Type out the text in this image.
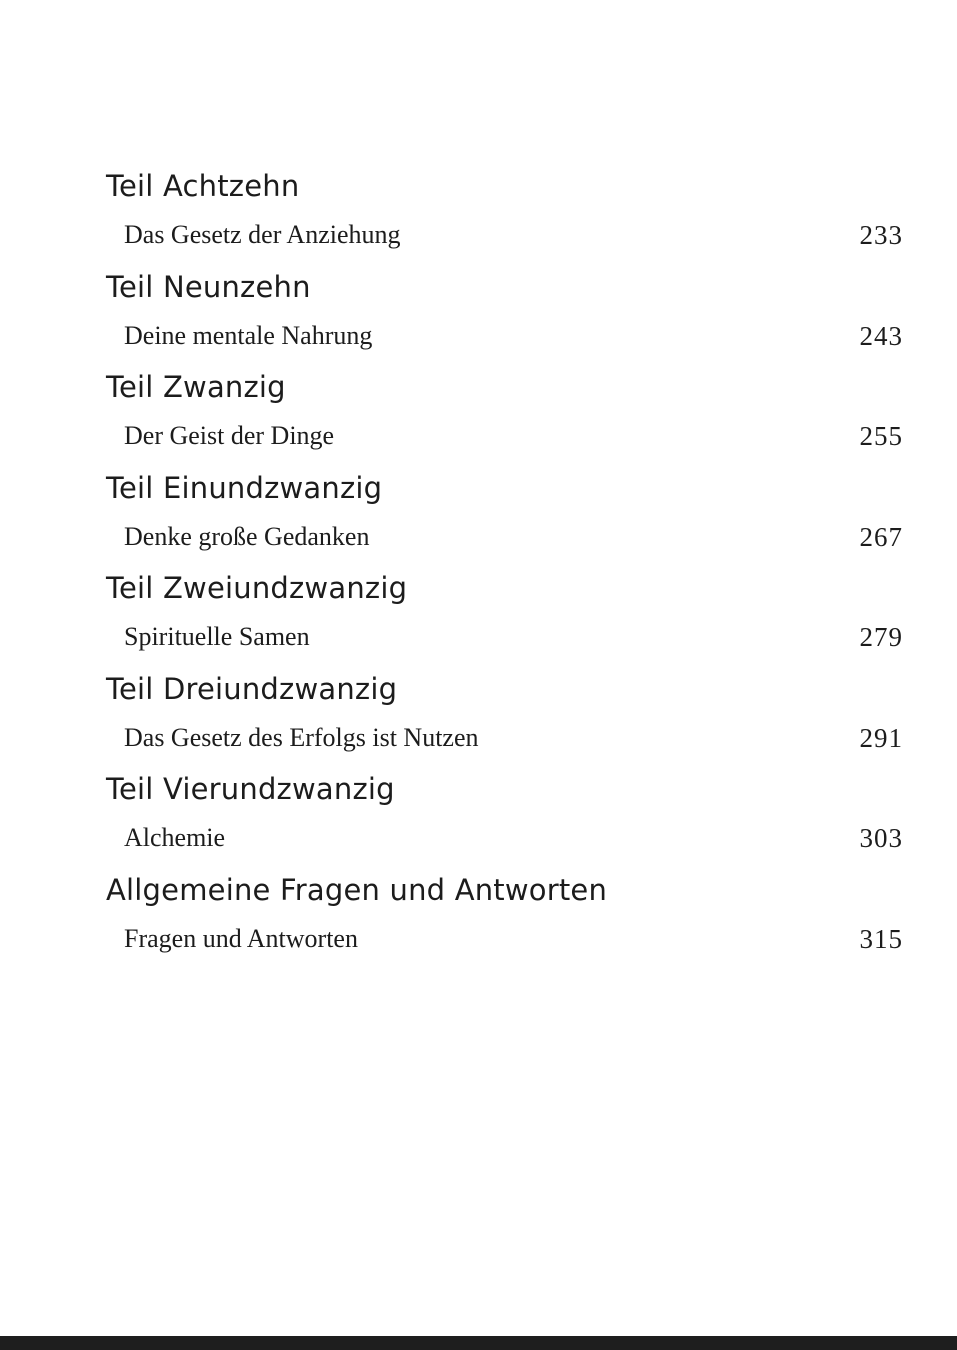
Teil Achtzehn
Das Gesetz der Anziehung	233
Teil Neunzehn
Deine mentale Nahrung	243
Teil Zwanzig
Der Geist der Dinge	255
Teil Einundzwanzig
Denke große Gedanken	267
Teil Zweiundzwanzig
Spirituelle Samen	279
Teil Dreiundzwanzig
Das Gesetz des Erfolgs ist Nutzen	291
Teil Vierundzwanzig
Alchemie	303
Allgemeine Fragen und Antworten
Fragen und Antworten	315
